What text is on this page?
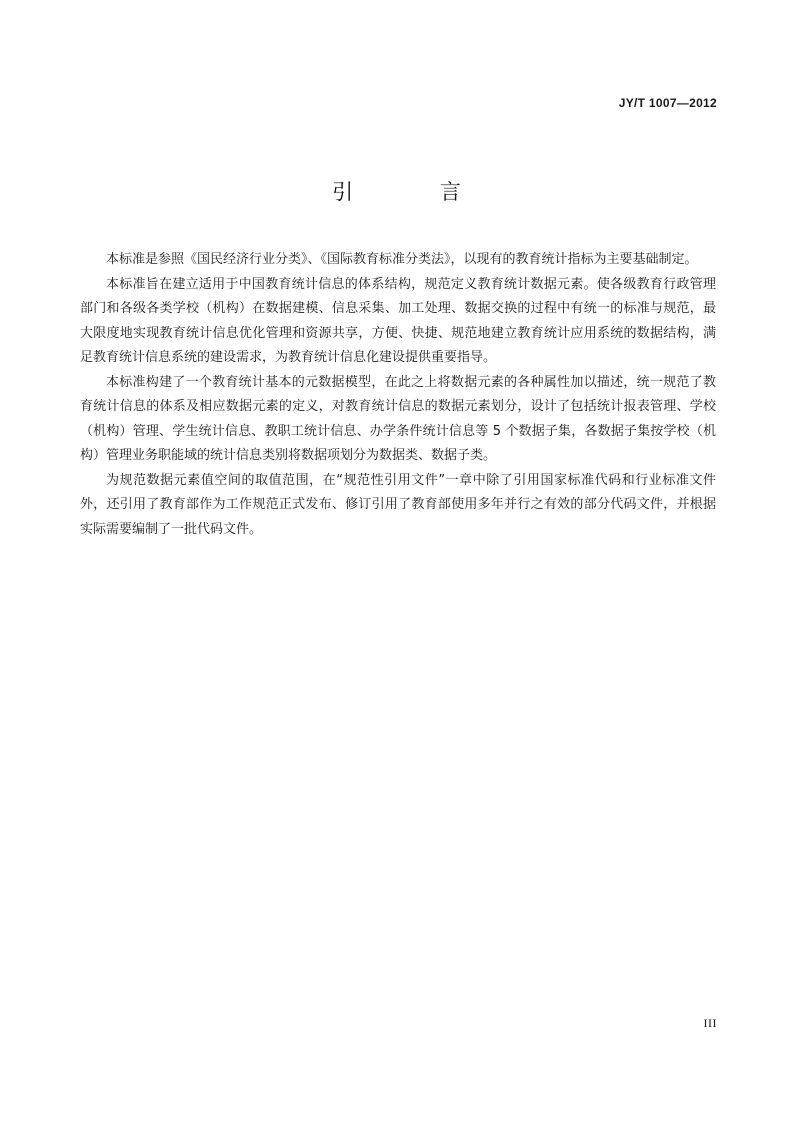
JY/T 1007—2012
引 言

本标准是参照《国民经济行业分类》、《国际教育标准分类法》，以现有的教育统计指标为主要基础制定。

本标准旨在建立适用于中国教育统计信息的体系结构，规范定义教育统计数据元素。使各级教育行政管理部门和各级各类学校（机构）在数据建模、信息采集、加工处理、数据交换的过程中有统一的标准与规范，最大限度地实现教育统计信息优化管理和资源共享，方便、快捷、规范地建立教育统计应用系统的数据结构，满足教育统计信息系统的建设需求，为教育统计信息化建设提供重要指导。

本标准构建了一个教育统计基本的元数据模型，在此之上将数据元素的各种属性加以描述，统一规范了教育统计信息的体系及相应数据元素的定义，对教育统计信息的数据元素划分，设计了包括统计报表管理、学校（机构）管理、学生统计信息、教职工统计信息、办学条件统计信息等 5 个数据子集，各数据子集按学校（机构）管理业务职能域的统计信息类别将数据项划分为数据类、数据子类。

为规范数据元素值空间的取值范围，在“规范性引用文件”一章中除了引用国家标准代码和行业标准文件外，还引用了教育部作为工作规范正式发布、修订引用了教育部使用多年并行之有效的部分代码文件，并根据实际需要编制了一批代码文件。

III
